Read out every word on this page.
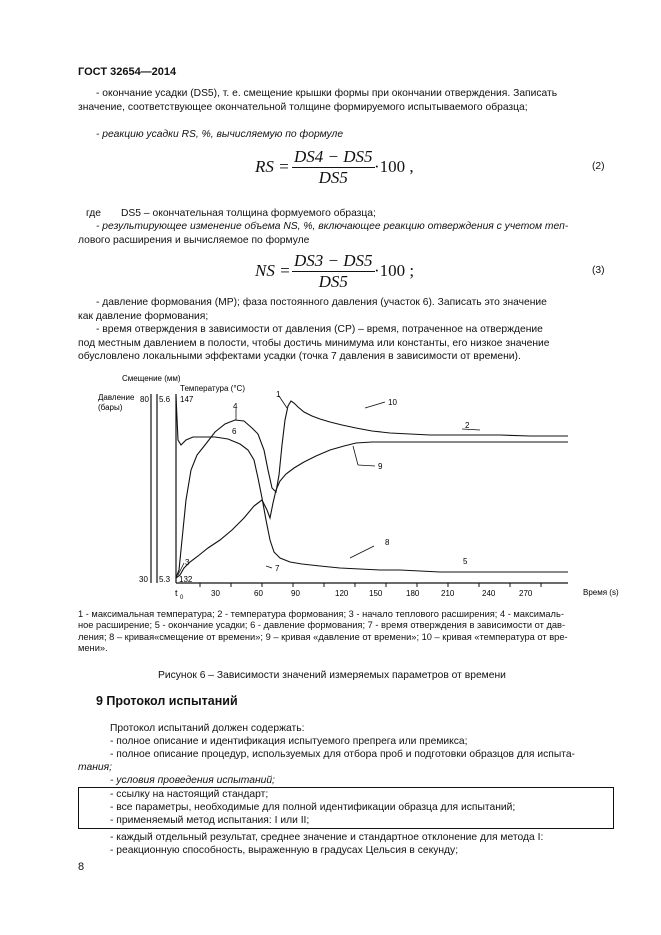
ГОСТ 32654—2014
- окончание усадки (DS5), т. е. смещение крышки формы при окончании отверждения. Записать
значение, соответствующее окончательной толщине формируемого испытываемого образца;
- реакцию усадки RS, %, вычисляемую по формуле
RS = $\frac{DS4 - DS5}{DS5} \cdot 100$ ,	(2)
где DS5 – окончательная толщина формуемого образца;
- результирующее изменение объема NS, %, включающее реакцию отверждения с учетом теп-
лового расширения и вычисляемое по формуле
NS = $\frac{DS3 - DS5}{DS5} \cdot 100$ ;	(3)
- давление формования (MP); фаза постоянного давления (участок 6). Записать это значение
как давление формования;
- время отверждения в зависимости от давления (CP) – время, потраченное на отверждение
под местным давлением в полости, чтобы достичь минимума или константы, его низкое значение
обусловлено локальными эффектами усадки (точка 7 давления в зависимости от времени).
Смещение (мм)
Температура (°С)
Давление
(бары)
80 5.6 147
Время (s)
30 5.3 132
t 0	30	60	90	120	150	180	210	240	270
1
2
3
4
5
6
7
8
9
10
1 - максимальная температура; 2 - температура формования; 3 - начало теплового расширения; 4 - максималь-
ное расширение; 5 - окончание усадки; 6 - давление формования; 7 - время отверждения в зависимости от дав-
ления; 8 – кривая«смещение от времени»; 9 – кривая «давление от времени»; 10 – кривая «температура от вре-
мени».
Рисунок 6 – Зависимости значений измеряемых параметров от времени
9 Протокол испытаний
Протокол испытаний должен содержать:
- полное описание и идентификация испытуемого препрега или премикса;
- полное описание процедур, используемых для отбора проб и подготовки образцов для испыта-
тания;
- условия проведения испытаний;
- ссылку на настоящий стандарт;
- все параметры, необходимые для полной идентификации образца для испытаний;
- применяемый метод испытания: I или II;
- каждый отдельный результат, среднее значение и стандартное отклонение для метода I:
- реакционную способность, выраженную в градусах Цельсия в секунду;
8
